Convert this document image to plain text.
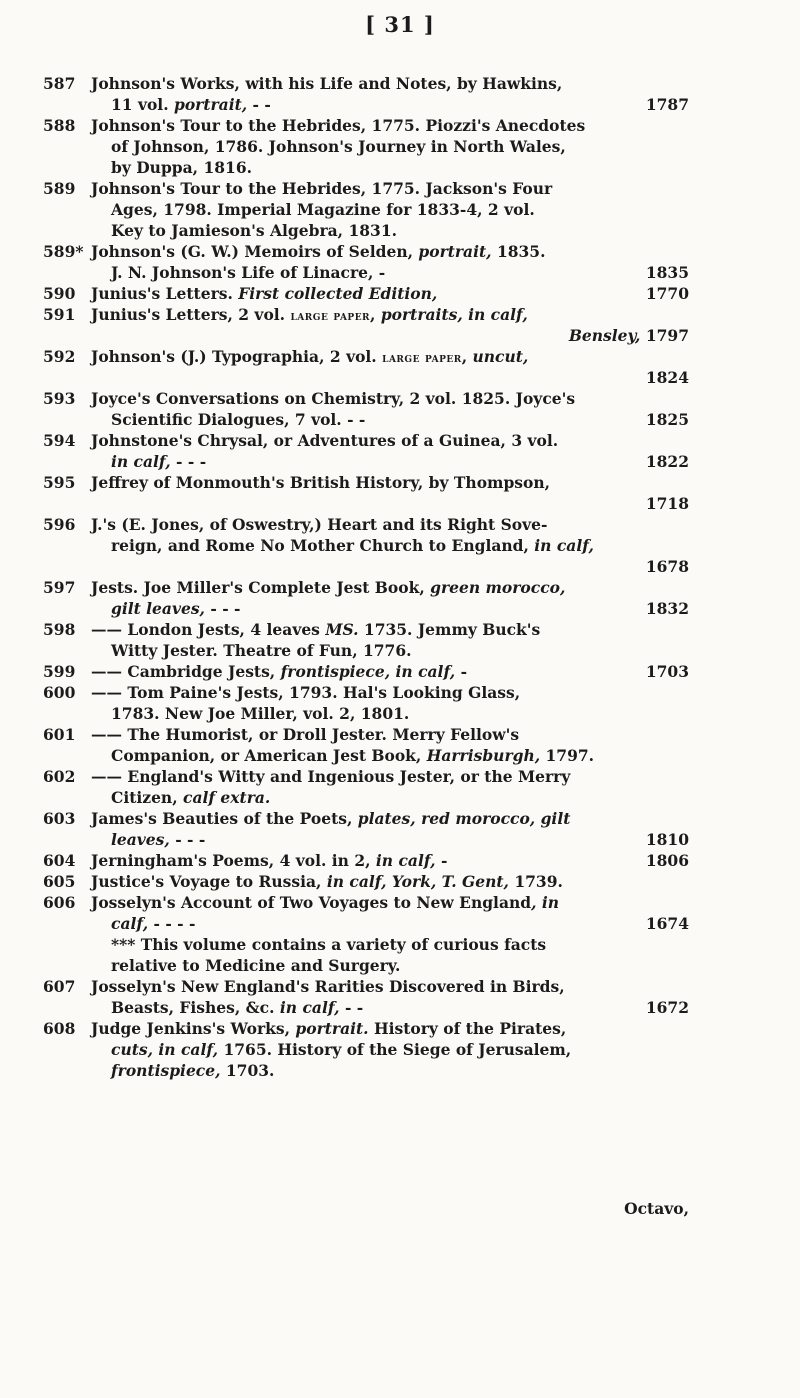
[ 31 ]
587 Johnson's Works, with his Life and Notes, by Hawkins,
11 vol. portrait, - -	1787
588 Johnson's Tour to the Hebrides, 1775. Piozzi's Anecdotes
of Johnson, 1786. Johnson's Journey in North Wales,
by Duppa, 1816.
589 Johnson's Tour to the Hebrides, 1775. Jackson's Four
Ages, 1798. Imperial Magazine for 1833-4, 2 vol.
Key to Jamieson's Algebra, 1831.
589* Johnson's (G. W.) Memoirs of Selden, portrait, 1835.
J. N. Johnson's Life of Linacre, -	1835
590 Junius's Letters. First collected Edition,	1770
591 Junius's Letters, 2 vol. large paper, portraits, in calf,
Bensley, 1797
592 Johnson's (J.) Typographia, 2 vol. large paper, uncut,
1824
593 Joyce's Conversations on Chemistry, 2 vol. 1825. Joyce's
Scientific Dialogues, 7 vol. - -	1825
594 Johnstone's Chrysal, or Adventures of a Guinea, 3 vol.
in calf, - - -	1822
595 Jeffrey of Monmouth's British History, by Thompson,
1718
596 J.'s (E. Jones, of Oswestry,) Heart and its Right Sove-
reign, and Rome No Mother Church to England, in calf,
1678
597 Jests. Joe Miller's Complete Jest Book, green morocco,
gilt leaves, - - -	1832
598 —— London Jests, 4 leaves MS. 1735. Jemmy Buck's
Witty Jester. Theatre of Fun, 1776.
599 —— Cambridge Jests, frontispiece, in calf, -	1703
600 —— Tom Paine's Jests, 1793. Hal's Looking Glass,
1783. New Joe Miller, vol. 2, 1801.
601 —— The Humorist, or Droll Jester. Merry Fellow's
Companion, or American Jest Book, Harrisburgh, 1797.
602 —— England's Witty and Ingenious Jester, or the Merry
Citizen, calf extra.
603 James's Beauties of the Poets, plates, red morocco, gilt
leaves, - - -	1810
604 Jerningham's Poems, 4 vol. in 2, in calf, -	1806
605 Justice's Voyage to Russia, in calf, York, T. Gent, 1739.
606 Josselyn's Account of Two Voyages to New England, in
calf, - - - -	1674
*** This volume contains a variety of curious facts
relative to Medicine and Surgery.
607 Josselyn's New England's Rarities Discovered in Birds,
Beasts, Fishes, &c. in calf, - -	1672
608 Judge Jenkins's Works, portrait. History of the Pirates,
cuts, in calf, 1765. History of the Siege of Jerusalem,
frontispiece, 1703.
Octavo,
